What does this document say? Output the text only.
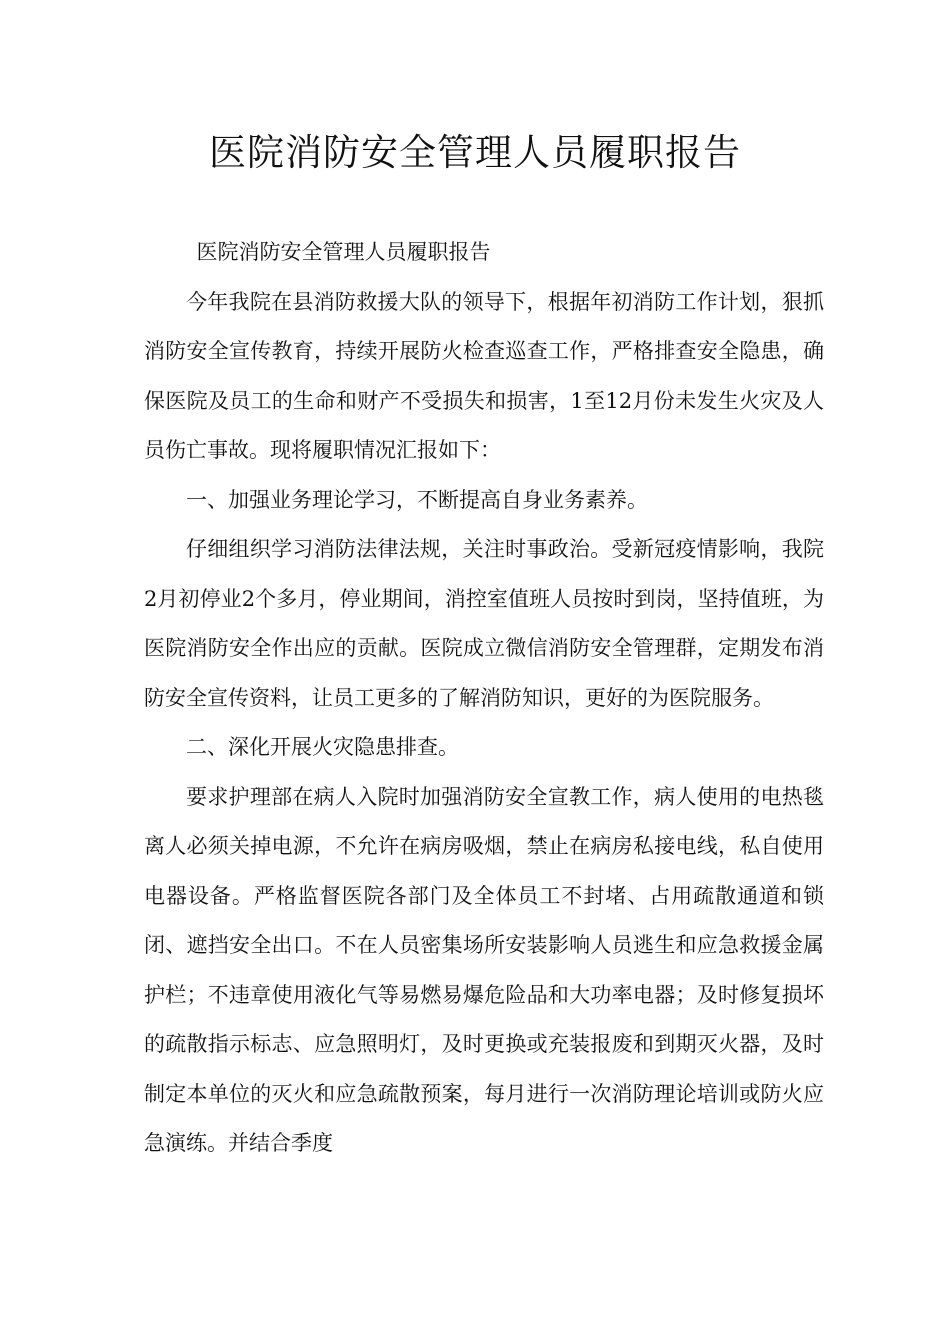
医院消防安全管理人员履职报告

医院消防安全管理人员履职报告

今年我院在县消防救援大队的领导下，根据年初消防工作计划，狠抓消防安全宣传教育，持续开展防火检查巡查工作，严格排查安全隐患，确保医院及员工的生命和财产不受损失和损害，1至12月份未发生火灾及人员伤亡事故。现将履职情况汇报如下：

一、加强业务理论学习，不断提高自身业务素养。

仔细组织学习消防法律法规，关注时事政治。受新冠疫情影响，我院2月初停业2个多月，停业期间，消控室值班人员按时到岗，坚持值班，为医院消防安全作出应的贡献。医院成立微信消防安全管理群，定期发布消防安全宣传资料，让员工更多的了解消防知识，更好的为医院服务。

二、深化开展火灾隐患排查。

要求护理部在病人入院时加强消防安全宣教工作，病人使用的电热毯离人必须关掉电源，不允许在病房吸烟，禁止在病房私接电线，私自使用电器设备。严格监督医院各部门及全体员工不封堵、占用疏散通道和锁闭、遮挡安全出口。不在人员密集场所安装影响人员逃生和应急救援金属护栏；不违章使用液化气等易燃易爆危险品和大功率电器；及时修复损坏的疏散指示标志、应急照明灯，及时更换或充装报废和到期灭火器，及时制定本单位的灭火和应急疏散预案，每月进行一次消防理论培训或防火应急演练。并结合季度
